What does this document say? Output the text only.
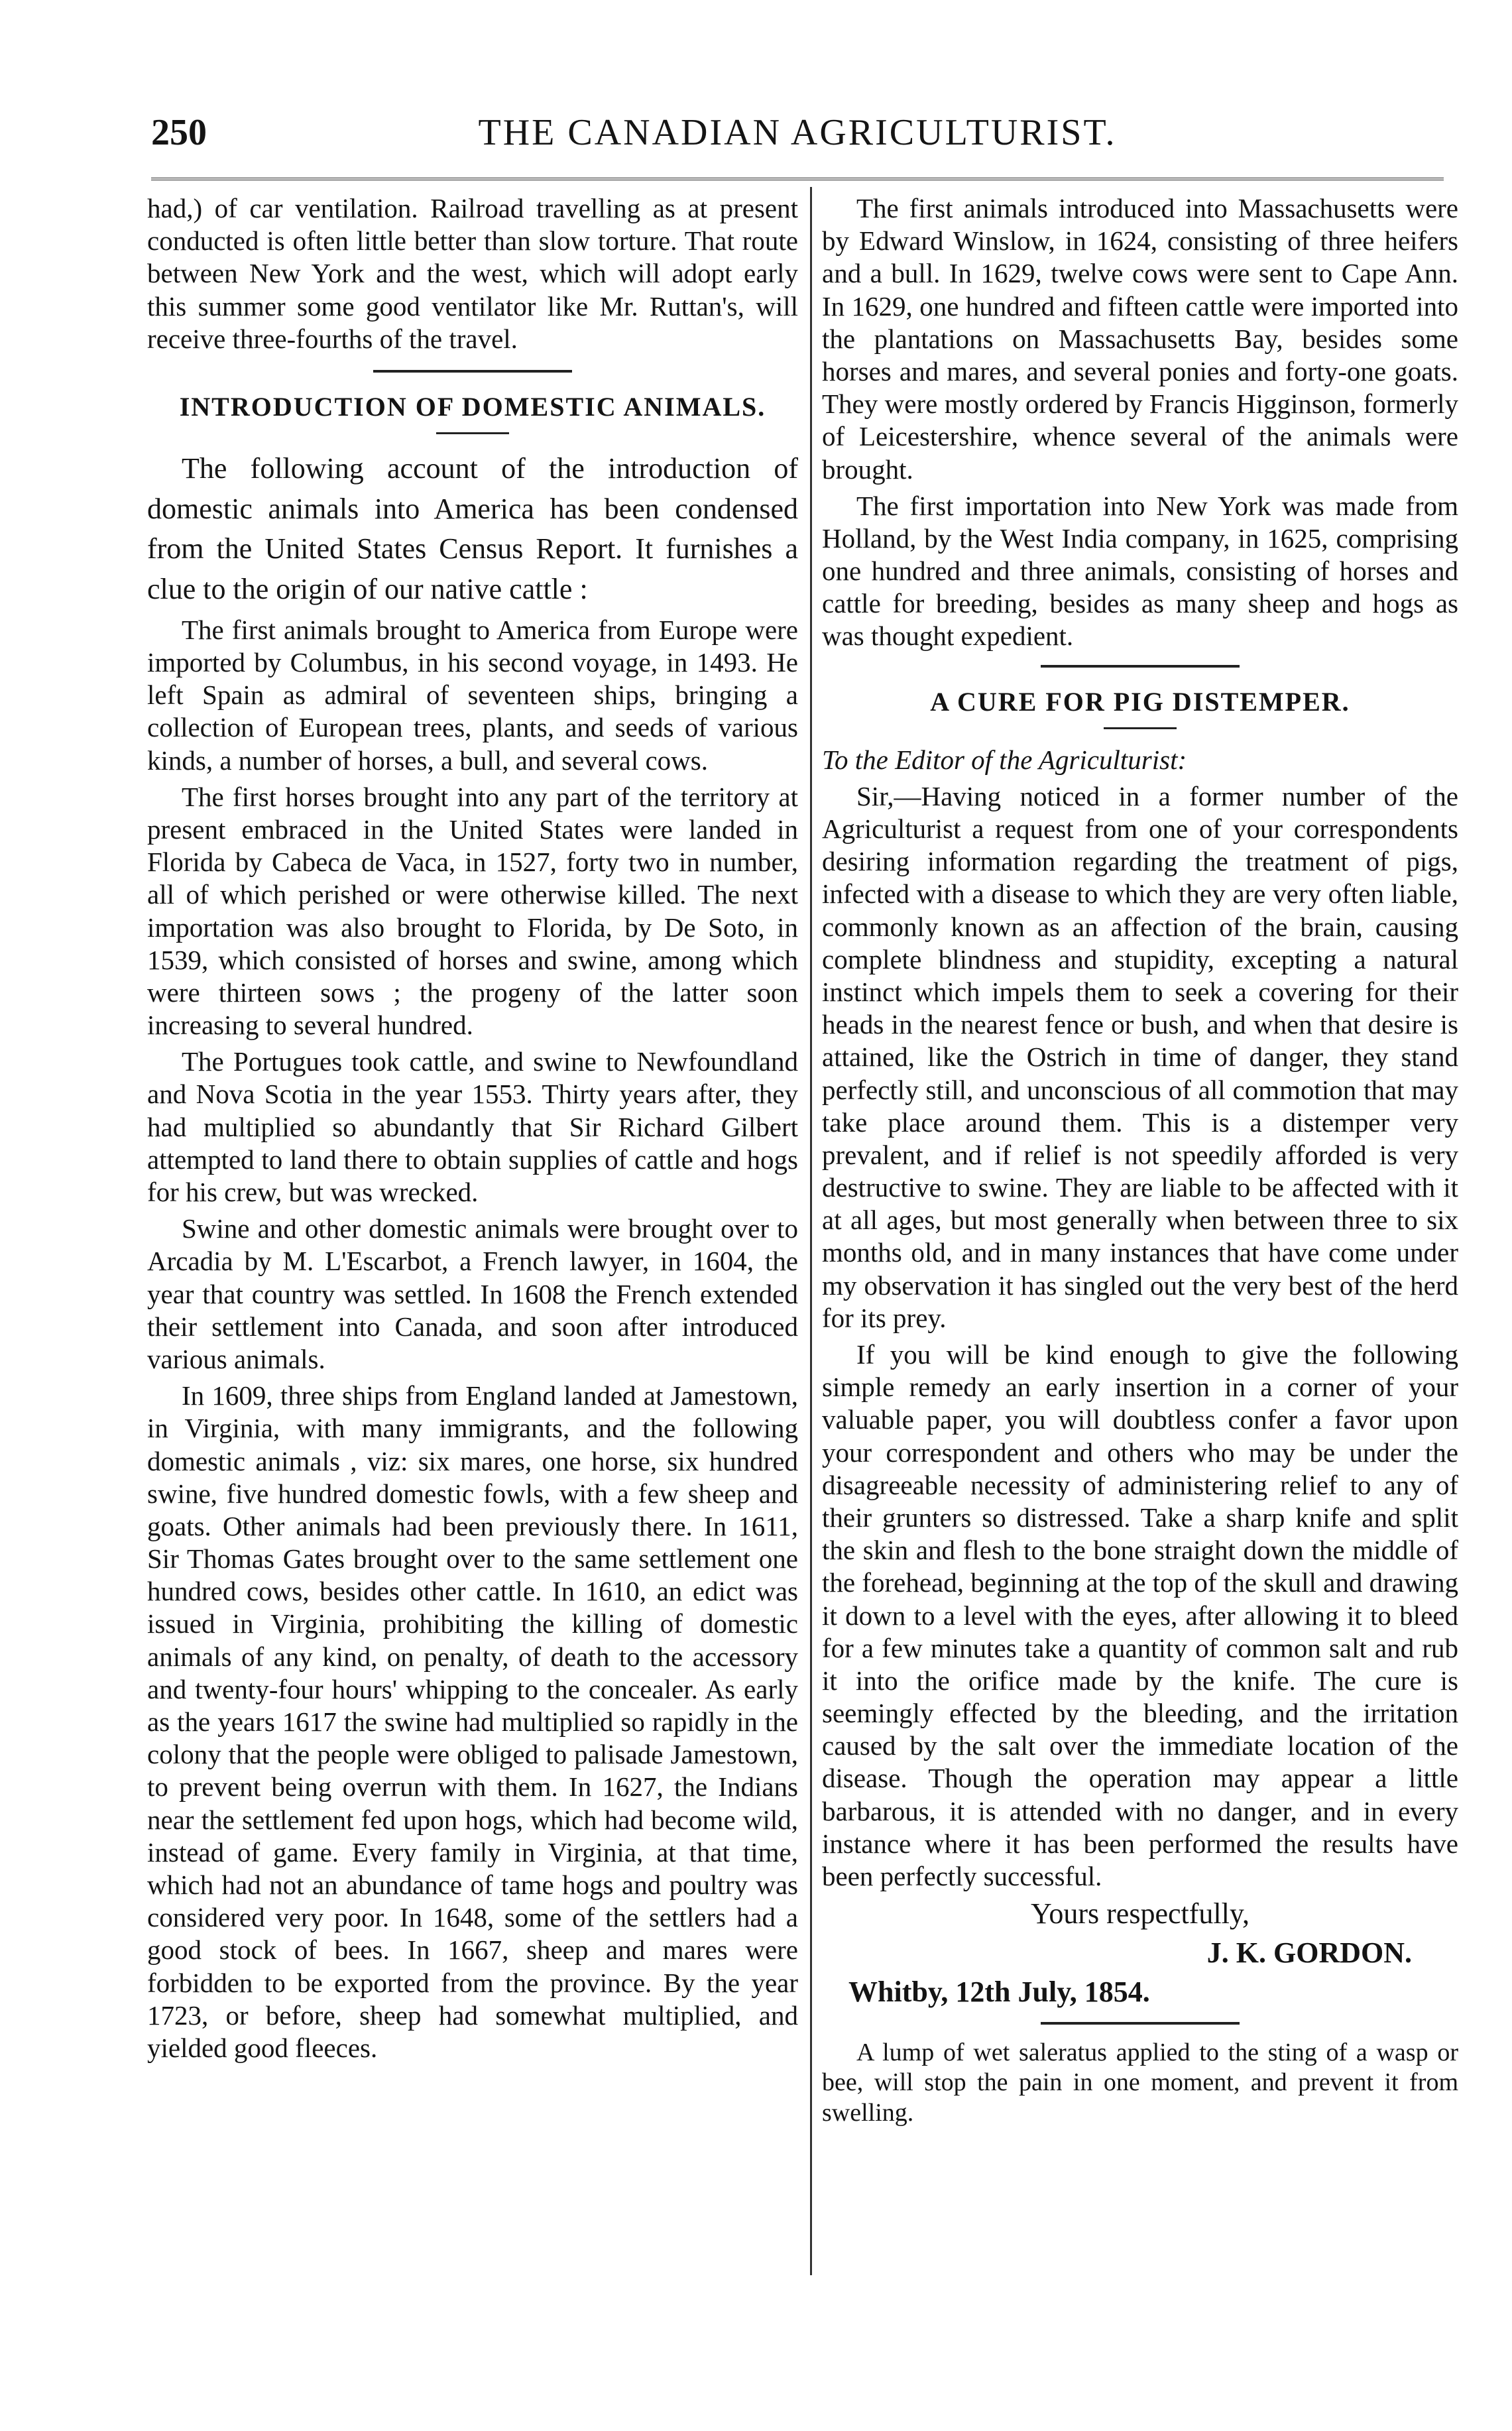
250	THE CANADIAN AGRICULTURIST.

had,) of car ventilation. Railroad travelling as at present conducted is often little better than slow torture. That route between New York and the west, which will adopt early this summer some good ventilator like Mr. Ruttan's, will receive three-fourths of the travel.

INTRODUCTION OF DOMESTIC ANIMALS.

The following account of the introduction of domestic animals into America has been condensed from the United States Census Report. It furnishes a clue to the origin of our native cattle :

The first animals brought to America from Europe were imported by Columbus, in his second voyage, in 1493. He left Spain as admiral of seventeen ships, bringing a collection of European trees, plants, and seeds of various kinds, a number of horses, a bull, and several cows.

The first horses brought into any part of the territory at present embraced in the United States were landed in Florida by Cabeca de Vaca, in 1527, forty two in number, all of which perished or were otherwise killed. The next importation was also brought to Florida, by De Soto, in 1539, which consisted of horses and swine, among which were thirteen sows ; the progeny of the latter soon increasing to several hundred.

The Portugues took cattle, and swine to Newfoundland and Nova Scotia in the year 1553. Thirty years after, they had multiplied so abundantly that Sir Richard Gilbert attempted to land there to obtain supplies of cattle and hogs for his crew, but was wrecked.

Swine and other domestic animals were brought over to Arcadia by M. L'Escarbot, a French lawyer, in 1604, the year that country was settled. In 1608 the French extended their settlement into Canada, and soon after introduced various animals.

In 1609, three ships from England landed at Jamestown, in Virginia, with many immigrants, and the following domestic animals , viz: six mares, one horse, six hundred swine, five hundred domestic fowls, with a few sheep and goats. Other animals had been previously there. In 1611, Sir Thomas Gates brought over to the same settlement one hundred cows, besides other cattle. In 1610, an edict was issued in Virginia, prohibiting the killing of domestic animals of any kind, on penalty, of death to the accessory and twenty-four hours' whipping to the concealer. As early as the years 1617 the swine had multiplied so rapidly in the colony that the people were obliged to palisade Jamestown, to prevent being overrun with them. In 1627, the Indians near the settlement fed upon hogs, which had become wild, instead of game. Every family in Virginia, at that time, which had not an abundance of tame hogs and poultry was considered very poor. In 1648, some of the settlers had a good stock of bees. In 1667, sheep and mares were forbidden to be exported from the province. By the year 1723, or before, sheep had somewhat multiplied, and yielded good fleeces.

The first animals introduced into Massachusetts were by Edward Winslow, in 1624, consisting of three heifers and a bull. In 1629, twelve cows were sent to Cape Ann. In 1629, one hundred and fifteen cattle were imported into the plantations on Massachusetts Bay, besides some horses and mares, and several ponies and forty-one goats. They were mostly ordered by Francis Higginson, formerly of Leicestershire, whence several of the animals were brought.

The first importation into New York was made from Holland, by the West India company, in 1625, comprising one hundred and three animals, consisting of horses and cattle for breeding, besides as many sheep and hogs as was thought expedient.

A CURE FOR PIG DISTEMPER.

To the Editor of the Agriculturist:

Sir,—Having noticed in a former number of the Agriculturist a request from one of your correspondents desiring information regarding the treatment of pigs, infected with a disease to which they are very often liable, commonly known as an affection of the brain, causing complete blindness and stupidity, excepting a natural instinct which impels them to seek a covering for their heads in the nearest fence or bush, and when that desire is attained, like the Ostrich in time of danger, they stand perfectly still, and unconscious of all commotion that may take place around them. This is a distemper very prevalent, and if relief is not speedily afforded is very destructive to swine. They are liable to be affected with it at all ages, but most generally when between three to six months old, and in many instances that have come under my observation it has singled out the very best of the herd for its prey.

If you will be kind enough to give the following simple remedy an early insertion in a corner of your valuable paper, you will doubtless confer a favor upon your correspondent and others who may be under the disagreeable necessity of administering relief to any of their grunters so distressed. Take a sharp knife and split the skin and flesh to the bone straight down the middle of the forehead, beginning at the top of the skull and drawing it down to a level with the eyes, after allowing it to bleed for a few minutes take a quantity of common salt and rub it into the orifice made by the knife. The cure is seemingly effected by the bleeding, and the irritation caused by the salt over the immediate location of the disease. Though the operation may appear a little barbarous, it is attended with no danger, and in every instance where it has been performed the results have been perfectly successful.

Yours respectfully,

J. K. GORDON.

Whitby, 12th July, 1854.

A lump of wet saleratus applied to the sting of a wasp or bee, will stop the pain in one moment, and prevent it from swelling.
